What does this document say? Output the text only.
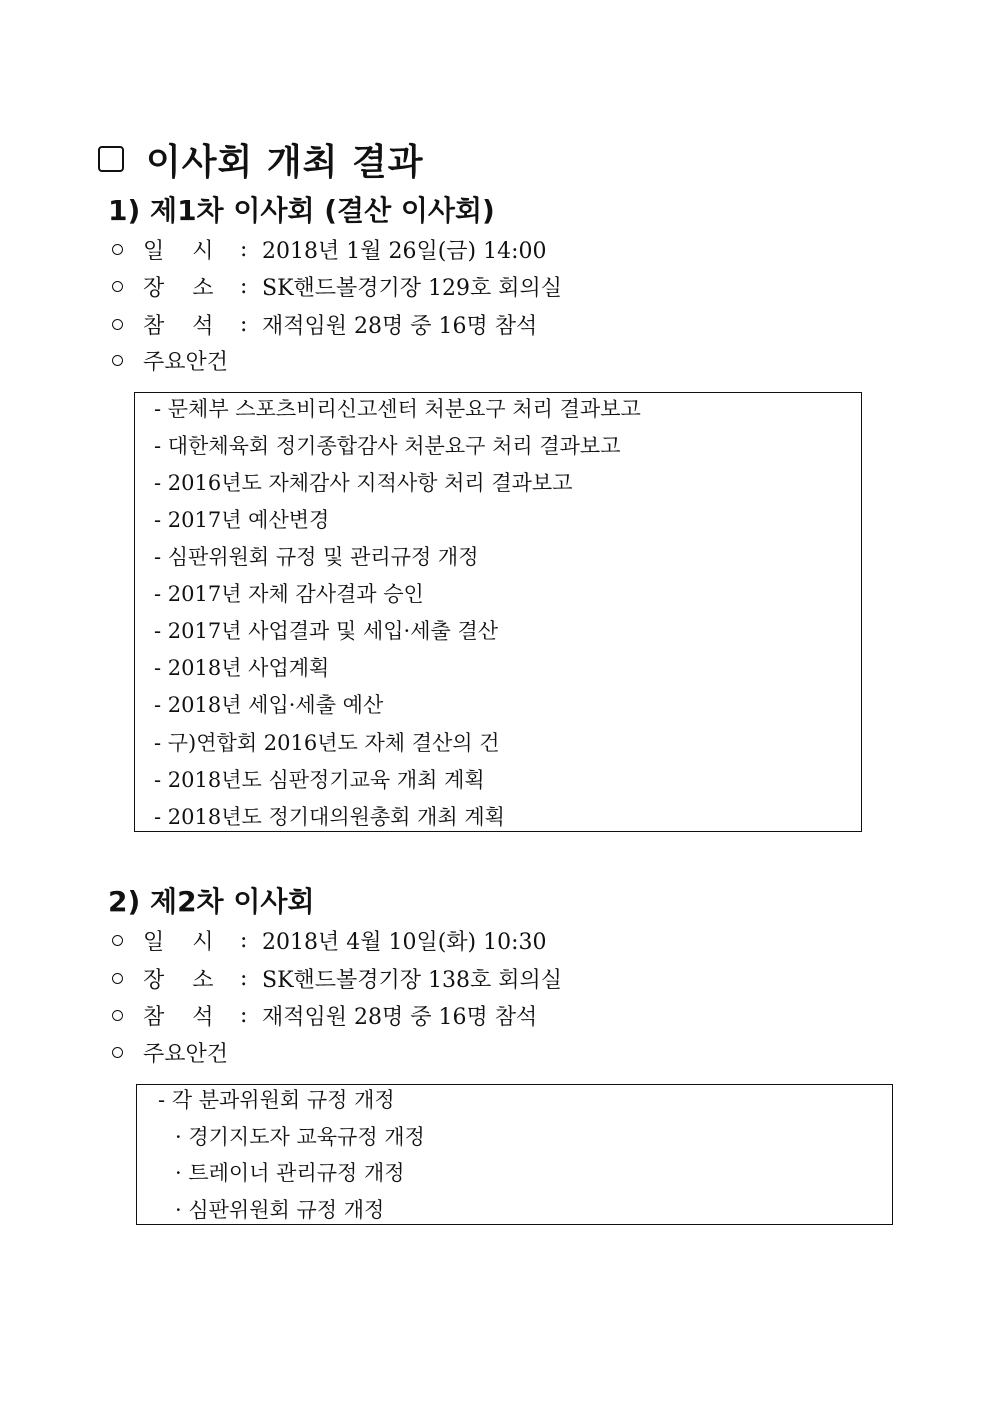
이사회 개최 결과
1) 제1차 이사회 (결산 이사회)
일    시	: 2018년 1월 26일(금) 14:00
장    소	: SK핸드볼경기장 129호 회의실
참    석	: 재적임원 28명 중 16명 참석
주요안건
- 문체부 스포츠비리신고센터 처분요구 처리 결과보고
- 대한체육회 정기종합감사 처분요구 처리 결과보고
- 2016년도 자체감사 지적사항 처리 결과보고
- 2017년 예산변경
- 심판위원회 규정 및 관리규정 개정
- 2017년 자체 감사결과 승인
- 2017년 사업결과 및 세입·세출 결산
- 2018년 사업계획
- 2018년 세입·세출 예산
- 구)연합회 2016년도 자체 결산의 건
- 2018년도 심판정기교육 개최 계획
- 2018년도 정기대의원총회 개최 계획
2) 제2차 이사회
일    시	: 2018년 4월 10일(화) 10:30
장    소	: SK핸드볼경기장 138호 회의실
참    석	: 재적임원 28명 중 16명 참석
주요안건
- 각 분과위원회 규정 개정
· 경기지도자 교육규정 개정
· 트레이너 관리규정 개정
· 심판위원회 규정 개정
